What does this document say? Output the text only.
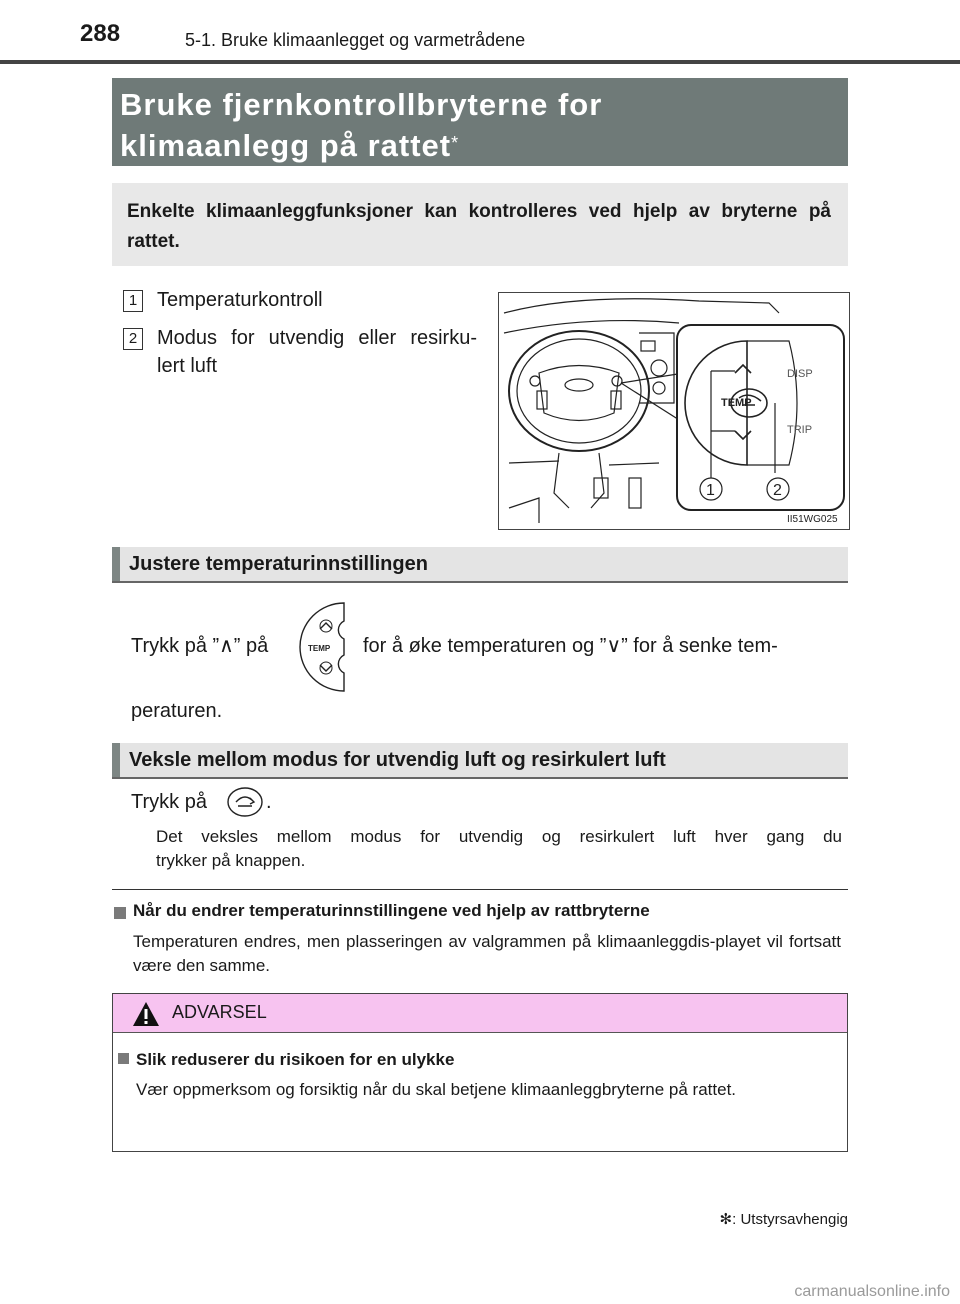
288	5-1. Bruke klimaanlegget og varmetrådene
Bruke fjernkontrollbryterne for
klimaanlegg på rattet*
Enkelte klimaanleggfunksjoner kan kontrolleres ved hjelp av bryterne på rattet.
1 Temperaturkontroll
2 Modus for utvendig eller resirku-
lert luft
TEMP
DISP
TRIP
1	2
II51WG025
Justere temperaturinnstillingen
Trykk på ”∧” på	TEMP for å øke temperaturen og ”∨” for å senke tem-
peraturen.
Veksle mellom modus for utvendig luft og resirkulert luft
Trykk på	.
Det veksles mellom modus for utvendig og resirkulert luft hver gang du
trykker på knappen.
Når du endrer temperaturinnstillingene ved hjelp av rattbryterne
Temperaturen endres, men plasseringen av valgrammen på klimaanleggdis-playet vil fortsatt være den samme.
ADVARSEL
Slik reduserer du risikoen for en ulykke
Vær oppmerksom og forsiktig når du skal betjene klimaanleggbryterne på rattet.
✻: Utstyrsavhengig
carmanualsonline.info
